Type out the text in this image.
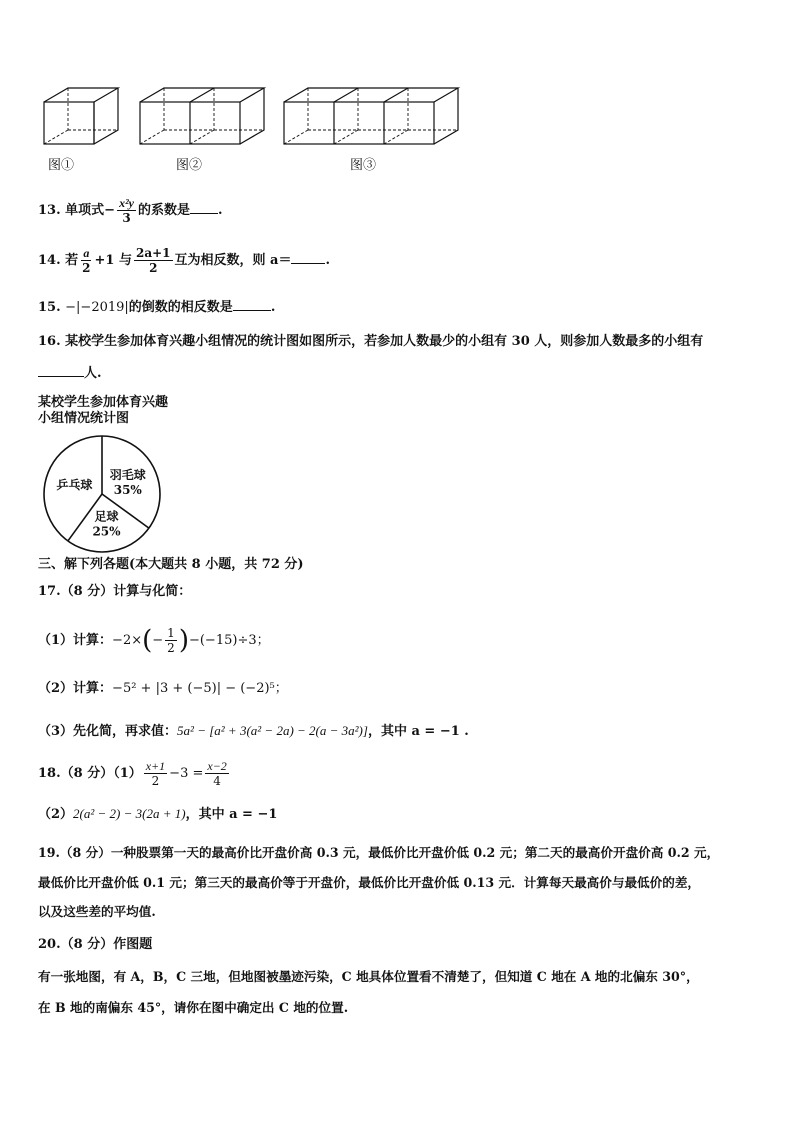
图①	图②	图③
13. 单项式− $\frac{\text{x²y}}{3}$ 的系数是 .
14. 若 $\frac{a}{2} +1$ 与 $\frac{2a+1}{2}$ 互为相反数，则 a＝	.
15. −|−2019|的倒数的相反数是	.
16. 某校学生参加体育兴趣小组情况的统计图如图所示，若参加人数最少的小组有 30 人，则参加人数最多的小组有
人.
某校学生参加体育兴趣
小组情况统计图
乒乓球
羽毛球
35%
足球
25%
三、解下列各题(本大题共 8 小题，共 72 分)
17.（8 分）计算与化简：
（1）计算：$-2\times(- \frac{1}{2} )-(-15)\div 3$；
（2）计算：−5² + |3 + (−5)| − (−2)⁵；
（3）先化简，再求值：5a² − [a² + 3(a² − 2a) − 2(a − 3a²)]，其中 a = −1 .
18.（8 分）$(1) \frac{x+1}{2} -3 = \frac{x-2}{4}$
（2）2(a² − 2) − 3(2a + 1)，其中 a = −1
19.（8 分）一种股票第一天的最高价比开盘价高 0.3 元，最低价比开盘价低 0.2 元；第二天的最高价开盘价高 0.2 元，
最低价比开盘价低 0.1 元；第三天的最高价等于开盘价，最低价比开盘价低 0.13 元．计算每天最高价与最低价的差，
以及这些差的平均值.
20.（8 分）作图题
有一张地图，有 A，B，C 三地，但地图被墨迹污染，C 地具体位置看不清楚了，但知道 C 地在 A 地的北偏东 30°，
在 B 地的南偏东 45°，请你在图中确定出 C 地的位置.
